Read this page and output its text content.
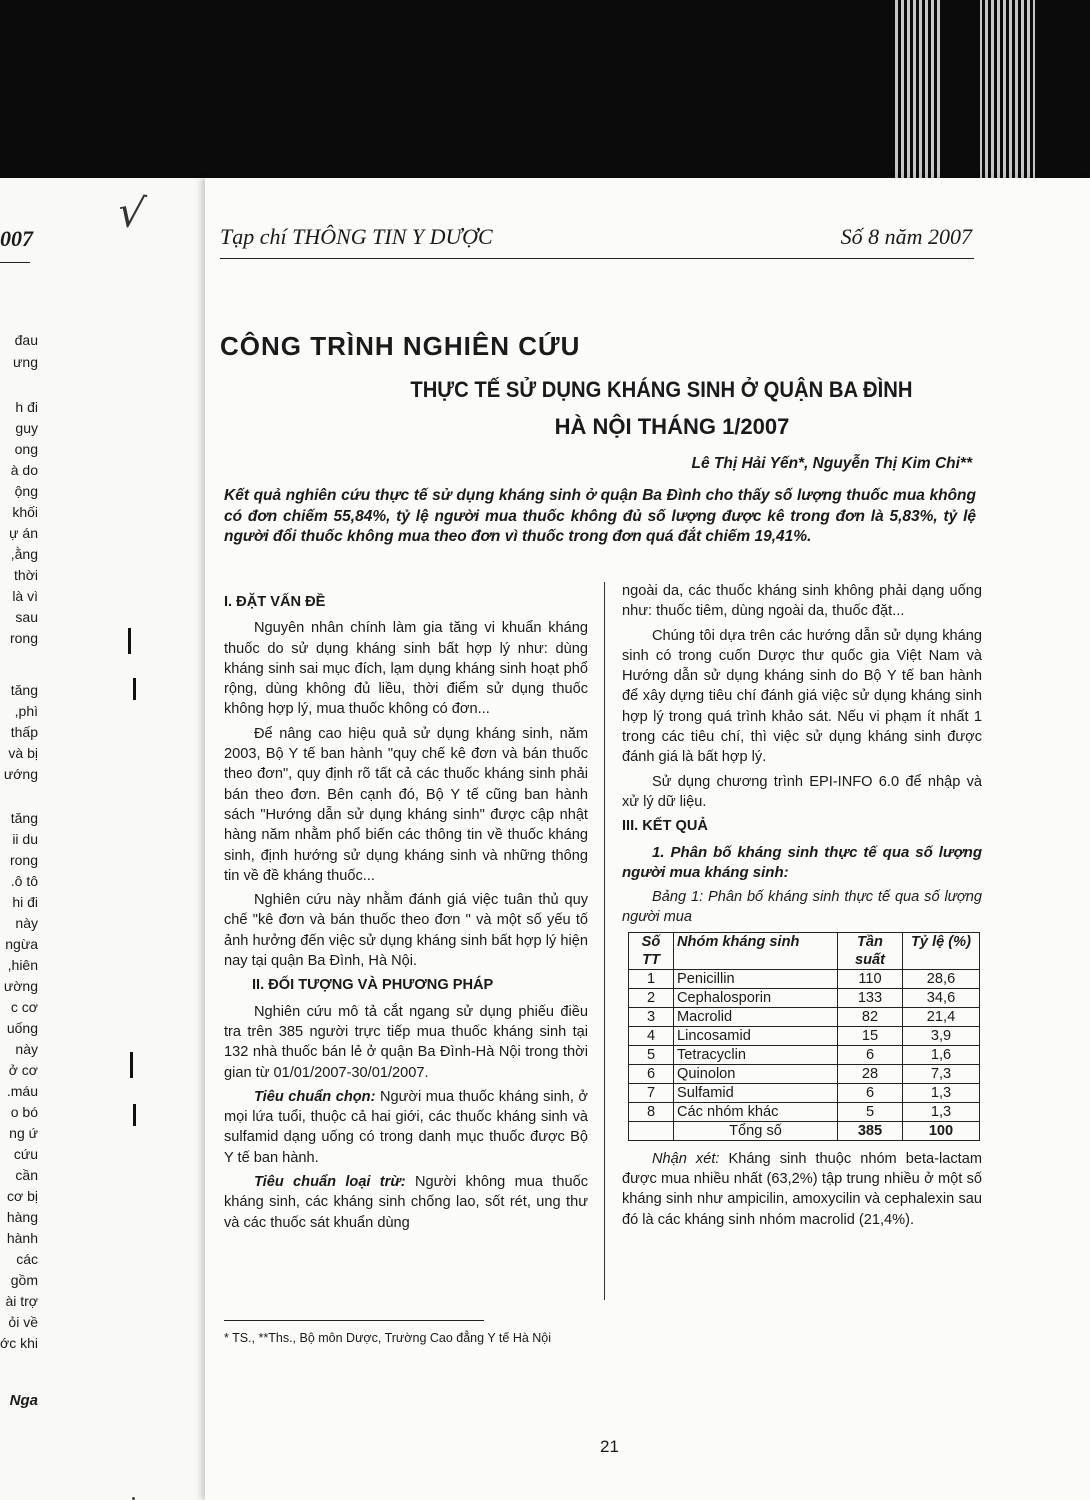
√
007
đau
ưng
h đi
guy
ong
à do
ộng
khối
ự án
ằng,
thời
là vì
sau
rong
tăng
phì,
thấp
và bị
ướng
tăng
ii du
rong
ô tô.
hi đi
này
ngừa
hiên,
ường
c cơ
uống
này
ở cơ
máu.
o bó
ng ứ
cứu
cần
cơ bị
hàng
hành
các
gồm
ài trợ
ỏi về
ớc khi
Nga
Tạp chí THÔNG TIN Y DƯỢC	Số 8 năm 2007
CÔNG TRÌNH NGHIÊN CỨU
THỰC TẾ SỬ DỤNG KHÁNG SINH Ở QUẬN BA ĐÌNH
HÀ NỘI THÁNG 1/2007
Lê Thị Hải Yến*, Nguyễn Thị Kim Chi**
Kết quả nghiên cứu thực tế sử dụng kháng sinh ở quận Ba Đình cho thấy số lượng thuốc mua không có đơn chiếm 55,84%, tỷ lệ người mua thuốc không đủ số lượng được kê trong đơn là 5,83%, tỷ lệ người đổi thuốc không mua theo đơn vì thuốc trong đơn quá đắt chiếm 19,41%.
I. ĐẶT VẤN ĐỀ

Nguyên nhân chính làm gia tăng vi khuẩn kháng thuốc do sử dụng kháng sinh bất hợp lý như: dùng kháng sinh sai mục đích, lạm dụng kháng sinh hoạt phổ rộng, dùng không đủ liều, thời điểm sử dụng thuốc không hợp lý, mua thuốc không có đơn...

Để nâng cao hiệu quả sử dụng kháng sinh, năm 2003, Bộ Y tế ban hành "quy chế kê đơn và bán thuốc theo đơn", quy định rõ tất cả các thuốc kháng sinh phải bán theo đơn. Bên cạnh đó, Bộ Y tế cũng ban hành sách "Hướng dẫn sử dụng kháng sinh" được cập nhật hàng năm nhằm phổ biến các thông tin về thuốc kháng sinh, định hướng sử dụng kháng sinh và những thông tin về đề kháng thuốc...

Nghiên cứu này nhằm đánh giá việc tuân thủ quy chế "kê đơn và bán thuốc theo đơn " và một số yếu tố ảnh hưởng đến việc sử dụng kháng sinh bất hợp lý hiện nay tại quận Ba Đình, Hà Nội.

II. ĐỐI TƯỢNG VÀ PHƯƠNG PHÁP

Nghiên cứu mô tả cắt ngang sử dụng phiếu điều tra trên 385 người trực tiếp mua thuốc kháng sinh tại 132 nhà thuốc bán lẻ ở quận Ba Đình-Hà Nội trong thời gian từ 01/01/2007-30/01/2007.

Tiêu chuẩn chọn: Người mua thuốc kháng sinh, ở mọi lứa tuổi, thuộc cả hai giới, các thuốc kháng sinh và sulfamid dạng uống có trong danh mục thuốc được Bộ Y tế ban hành.

Tiêu chuẩn loại trừ: Người không mua thuốc kháng sinh, các kháng sinh chống lao, sốt rét, ung thư và các thuốc sát khuẩn dùng

ngoài da, các thuốc kháng sinh không phải dạng uống như: thuốc tiêm, dùng ngoài da, thuốc đặt...

Chúng tôi dựa trên các hướng dẫn sử dụng kháng sinh có trong cuốn Dược thư quốc gia Việt Nam và Hướng dẫn sử dụng kháng sinh do Bộ Y tế ban hành để xây dựng tiêu chí đánh giá việc sử dụng kháng sinh hợp lý trong quá trình khảo sát. Nếu vi phạm ít nhất 1 trong các tiêu chí, thì việc sử dụng kháng sinh được đánh giá là bất hợp lý.

Sử dụng chương trình EPI-INFO 6.0 để nhập và xử lý dữ liệu.

III. KẾT QUẢ

1. Phân bố kháng sinh thực tế qua số lượng người mua kháng sinh:

Bảng 1: Phân bố kháng sinh thực tế qua số lượng người mua

Số TT	Nhóm kháng sinh	Tần suất	Tỷ lệ (%)
1	Penicillin	110	28,6
2	Cephalosporin	133	34,6
3	Macrolid	82	21,4
4	Lincosamid	15	3,9
5	Tetracyclin	6	1,6
6	Quinolon	28	7,3
7	Sulfamid	6	1,3
8	Các nhóm khác	5	1,3
	Tổng số	385	100

Nhận xét: Kháng sinh thuộc nhóm beta-lactam được mua nhiều nhất (63,2%) tập trung nhiều ở một số kháng sinh như ampicilin, amoxycilin và cephalexin sau đó là các kháng sinh nhóm macrolid (21,4%).

* TS., **Ths., Bộ môn Dược, Trường Cao đẳng Y tế Hà Nội
21
